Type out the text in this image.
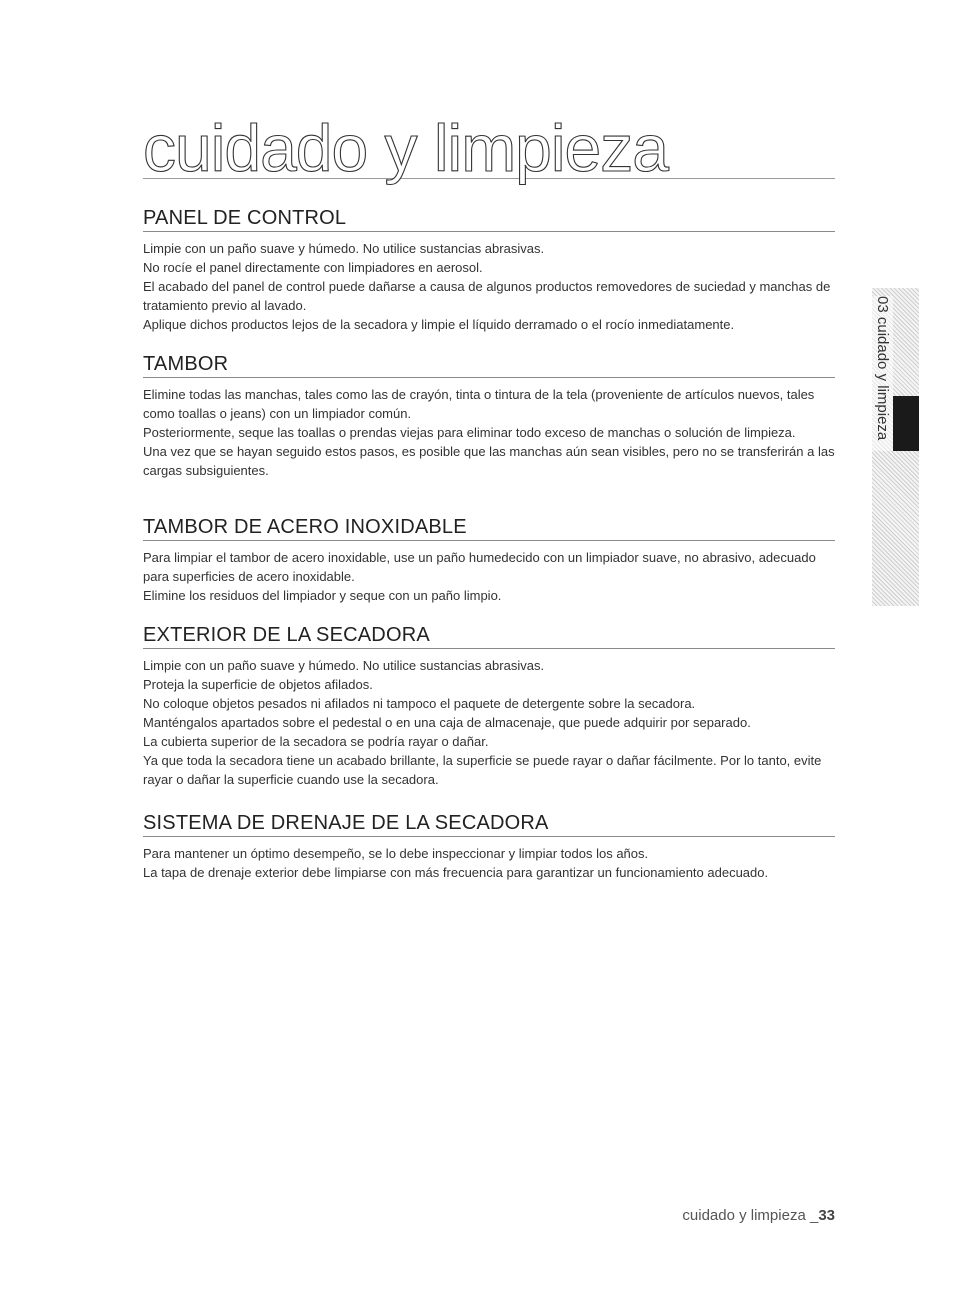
cuidado y limpieza
PANEL DE CONTROL

Limpie con un paño suave y húmedo. No utilice sustancias abrasivas.

No rocíe el panel directamente con limpiadores en aerosol.

El acabado del panel de control puede dañarse a causa de algunos productos removedores de suciedad y manchas de tratamiento previo al lavado.

Aplique dichos productos lejos de la secadora y limpie el líquido derramado o el rocío inmediatamente.

TAMBOR

Elimine todas las manchas, tales como las de crayón, tinta o tintura de la tela (proveniente de artículos nuevos, tales como toallas o jeans) con un limpiador común.

Posteriormente, seque las toallas o prendas viejas para eliminar todo exceso de manchas o solución de limpieza.

Una vez que se hayan seguido estos pasos, es posible que las manchas aún sean visibles, pero no se transferirán a las cargas subsiguientes.

TAMBOR DE ACERO INOXIDABLE

Para limpiar el tambor de acero inoxidable, use un paño humedecido con un limpiador suave, no abrasivo, adecuado para superficies de acero inoxidable.

Elimine los residuos del limpiador y seque con un paño limpio.

EXTERIOR DE LA SECADORA

Limpie con un paño suave y húmedo. No utilice sustancias abrasivas.

Proteja la superficie de objetos afilados.

No coloque objetos pesados ni afilados ni tampoco el paquete de detergente sobre la secadora.

Manténgalos apartados sobre el pedestal o en una caja de almacenaje, que puede adquirir por separado.

La cubierta superior de la secadora se podría rayar o dañar.

Ya que toda la secadora tiene un acabado brillante, la superficie se puede rayar o dañar fácilmente. Por lo tanto, evite rayar o dañar la superficie cuando use la secadora.

SISTEMA DE DRENAJE DE LA SECADORA

Para mantener un óptimo desempeño, se lo debe inspeccionar y limpiar todos los años.

La tapa de drenaje exterior debe limpiarse con más frecuencia para garantizar un funcionamiento adecuado.

03 cuidado y limpieza
cuidado y limpieza _33
